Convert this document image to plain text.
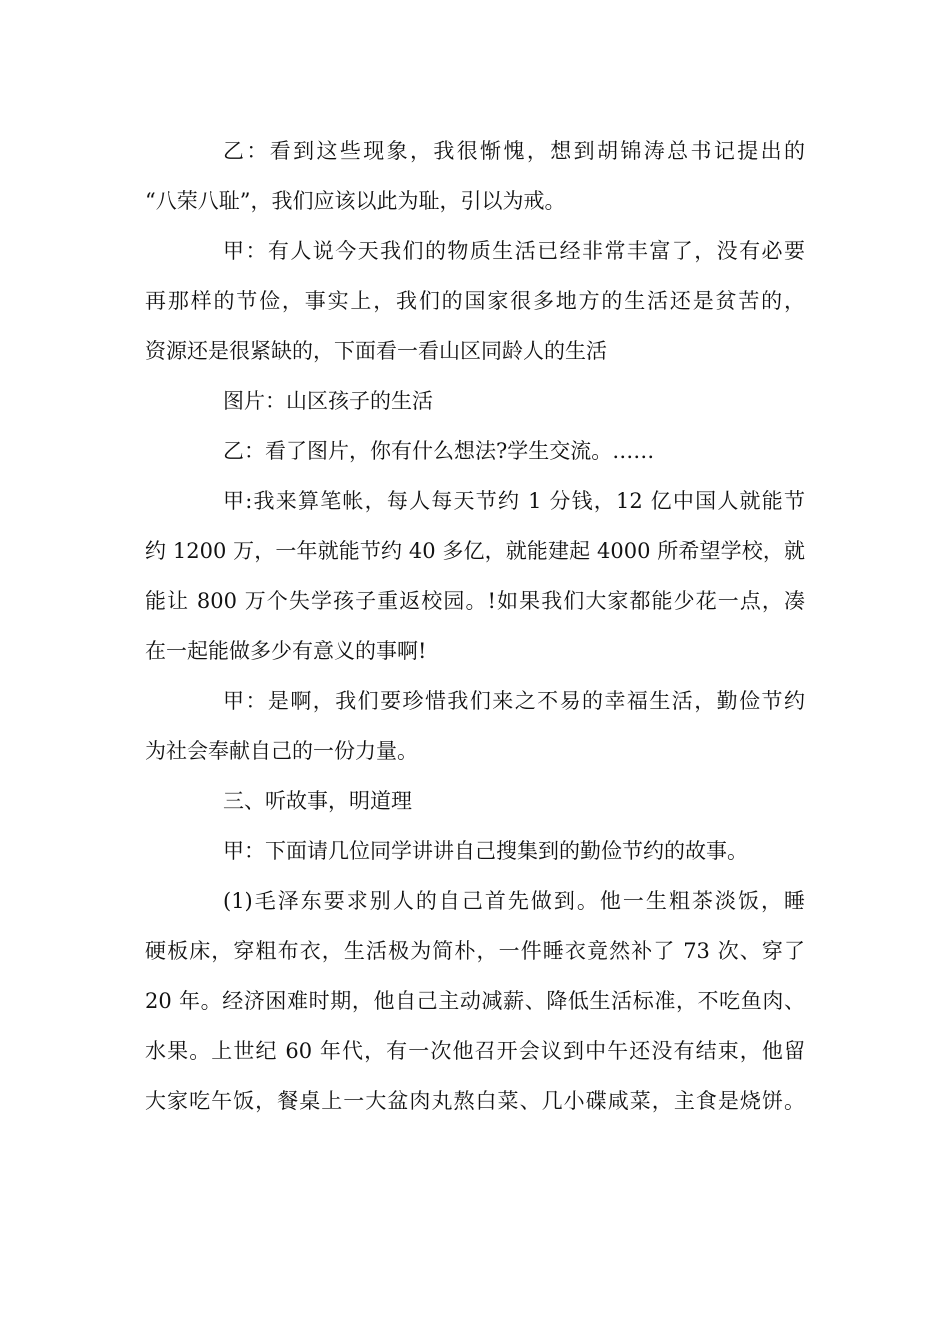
乙：看到这些现象，我很惭愧，想到胡锦涛总书记提出的
“八荣八耻”，我们应该以此为耻，引以为戒。
甲：有人说今天我们的物质生活已经非常丰富了，没有必要
再那样的节俭，事实上，我们的国家很多地方的生活还是贫苦的，
资源还是很紧缺的，下面看一看山区同龄人的生活
图片：山区孩子的生活
乙：看了图片，你有什么想法?学生交流。……
甲:我来算笔帐，每人每天节约 1 分钱，12 亿中国人就能节
约 1200 万，一年就能节约 40 多亿，就能建起 4000 所希望学校，就
能让 800 万个失学孩子重返校园。!如果我们大家都能少花一点，凑
在一起能做多少有意义的事啊!
甲：是啊，我们要珍惜我们来之不易的幸福生活，勤俭节约
为社会奉献自己的一份力量。
三、听故事，明道理
甲：下面请几位同学讲讲自己搜集到的勤俭节约的故事。
(1)毛泽东要求别人的自己首先做到。他一生粗茶淡饭，睡
硬板床，穿粗布衣，生活极为简朴，一件睡衣竟然补了 73 次、穿了
20 年。经济困难时期，他自己主动减薪、降低生活标准，不吃鱼肉、
水果。上世纪 60 年代，有一次他召开会议到中午还没有结束，他留
大家吃午饭，餐桌上一大盆肉丸熬白菜、几小碟咸菜，主食是烧饼。
